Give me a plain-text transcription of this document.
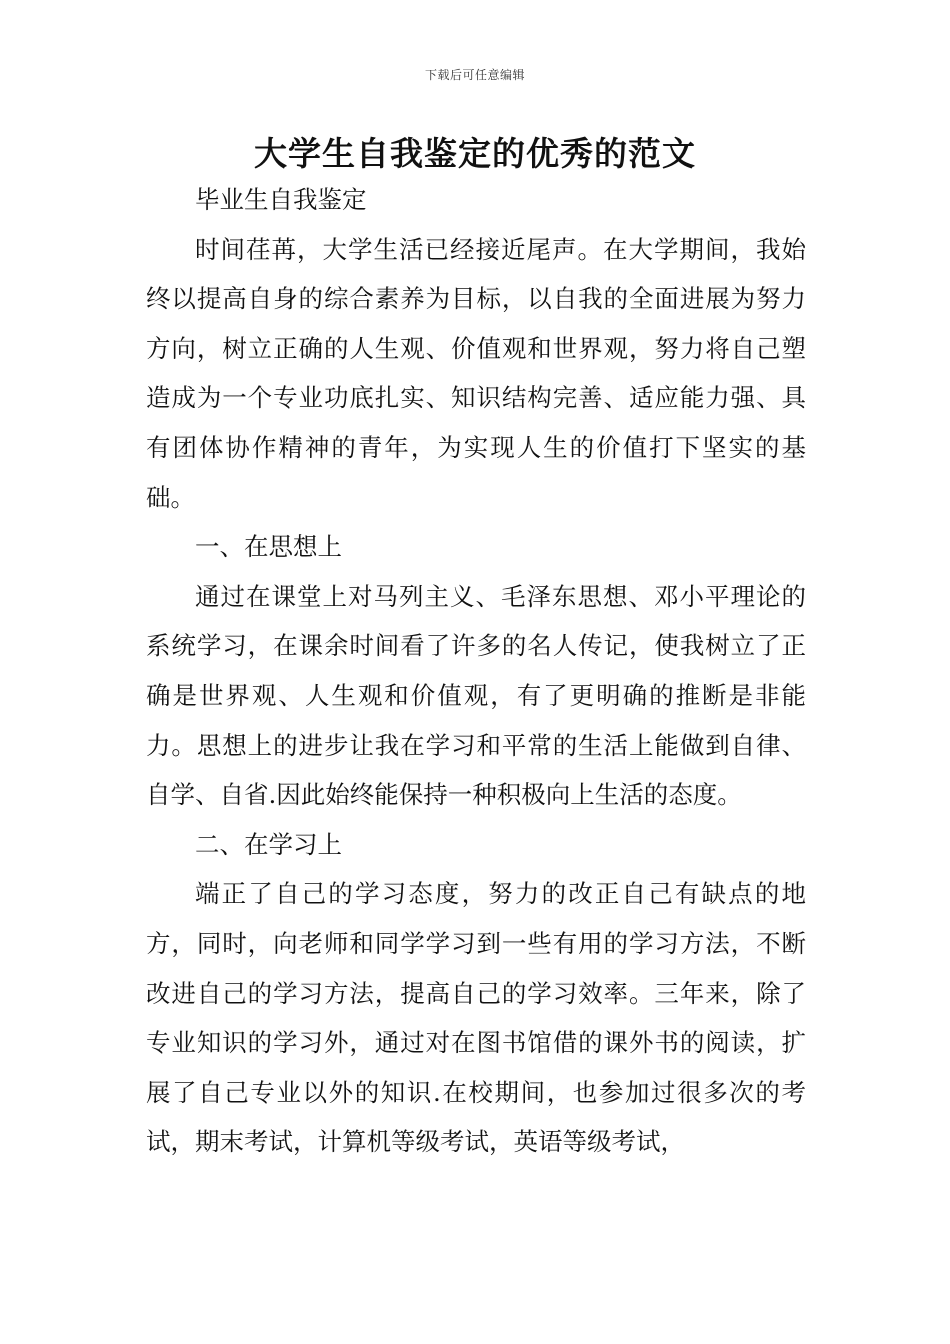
下载后可任意编辑
大学生自我鉴定的优秀的范文

毕业生自我鉴定

时间荏苒，大学生活已经接近尾声。在大学期间，我始终以提高自身的综合素养为目标，以自我的全面进展为努力方向，树立正确的人生观、价值观和世界观，努力将自己塑造成为一个专业功底扎实、知识结构完善、适应能力强、具有团体协作精神的青年，为实现人生的价值打下坚实的基础。

一、在思想上

通过在课堂上对马列主义、毛泽东思想、邓小平理论的系统学习，在课余时间看了许多的名人传记，使我树立了正确是世界观、人生观和价值观，有了更明确的推断是非能力。思想上的进步让我在学习和平常的生活上能做到自律、自学、自省.因此始终能保持一种积极向上生活的态度。

二、在学习上

端正了自己的学习态度，努力的改正自己有缺点的地方，同时，向老师和同学学习到一些有用的学习方法，不断改进自己的学习方法，提高自己的学习效率。三年来，除了专业知识的学习外，通过对在图书馆借的课外书的阅读，扩展了自己专业以外的知识.在校期间，也参加过很多次的考试，期末考试，计算机等级考试，英语等级考试，
